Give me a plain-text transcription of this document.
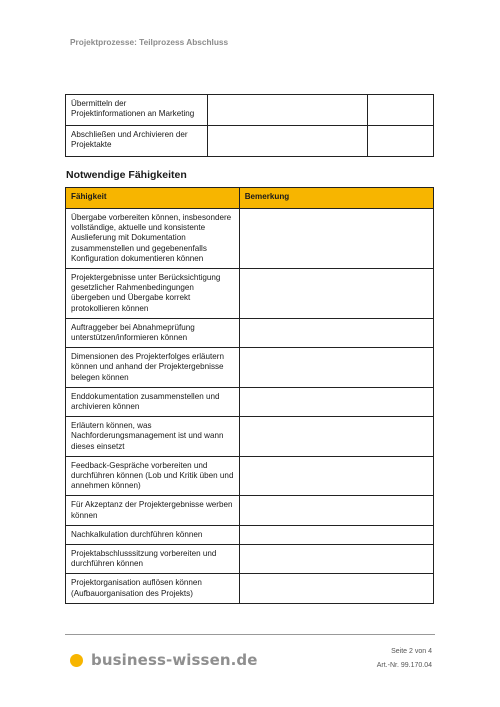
Projektprozesse: Teilprozess Abschluss
Übermitteln der Projektinformationen an Marketing		
Abschließen und Archivieren der Projektakte		
Notwendige Fähigkeiten
Fähigkeit	Bemerkung
Übergabe vorbereiten können, insbesondere vollständige, aktuelle und konsistente Auslieferung mit Dokumentation zusammenstellen und gegebenenfalls Konfiguration dokumentieren können	
Projektergebnisse unter Berücksichtigung gesetzlicher Rahmenbedingungen übergeben und Übergabe korrekt protokollieren können	
Auftraggeber bei Abnahmeprüfung unterstützen/informieren können	
Dimensionen des Projekterfolges erläutern können und anhand der Projektergebnisse belegen können	
Enddokumentation zusammenstellen und archivieren können	
Erläutern können, was Nachforderungsmanagement ist und wann dieses einsetzt	
Feedback-Gespräche vorbereiten und durchführen können (Lob und Kritik üben und annehmen können)	
Für Akzeptanz der Projektergebnisse werben können	
Nachkalkulation durchführen können	
Projektabschlusssitzung vorbereiten und durchführen können	
Projektorganisation auflösen können (Aufbauorganisation des Projekts)	
business-wissen.de	Seite 2 von 4
Art.-Nr. 99.170.04
